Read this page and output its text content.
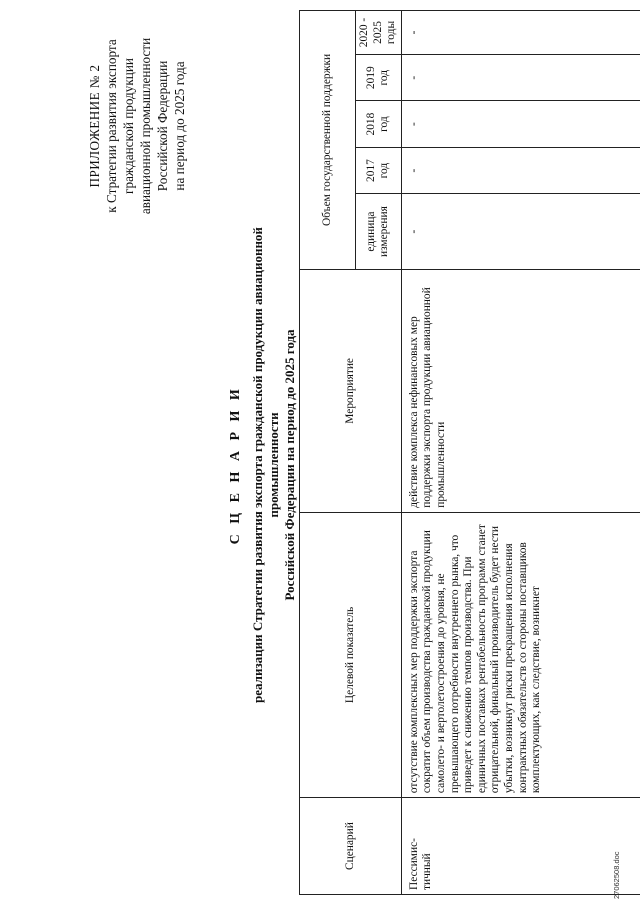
ПРИЛОЖЕНИЕ № 2 к Стратегии развития экспорта гражданской продукции авиационной промышленности Российской Федерации на период до 2025 года
С Ц Е Н А Р И И реализации Стратегии развития экспорта гражданской продукции авиационной промышленности Российской Федерации на период до 2025 года
Сценарий	Целевой показатель	Мероприятие	Объем государственной поддержки				
			единица измерения	2017 год	2018 год	2019 год	2020 - 2025 годы
Пессимис-тичный	отсутствие комплексных мер поддержки экспорта сократит объем производства гражданской продукции самолето- и вертолетостроения до уровня, не превышающего потребности внутреннего рынка, что приведет к снижению темпов производства. При единичных поставках рентабельность программ станет отрицательной, финальный производитель будет нести убытки, возникнут риски прекращения исполнения контрактных обязательств со стороны поставщиков комплектующих, как следствие, возникнет	действие комплекса нефинансовых мер поддержки экспорта продукции авиационной промышленности	-	-	-	-	-
27062508.doc
